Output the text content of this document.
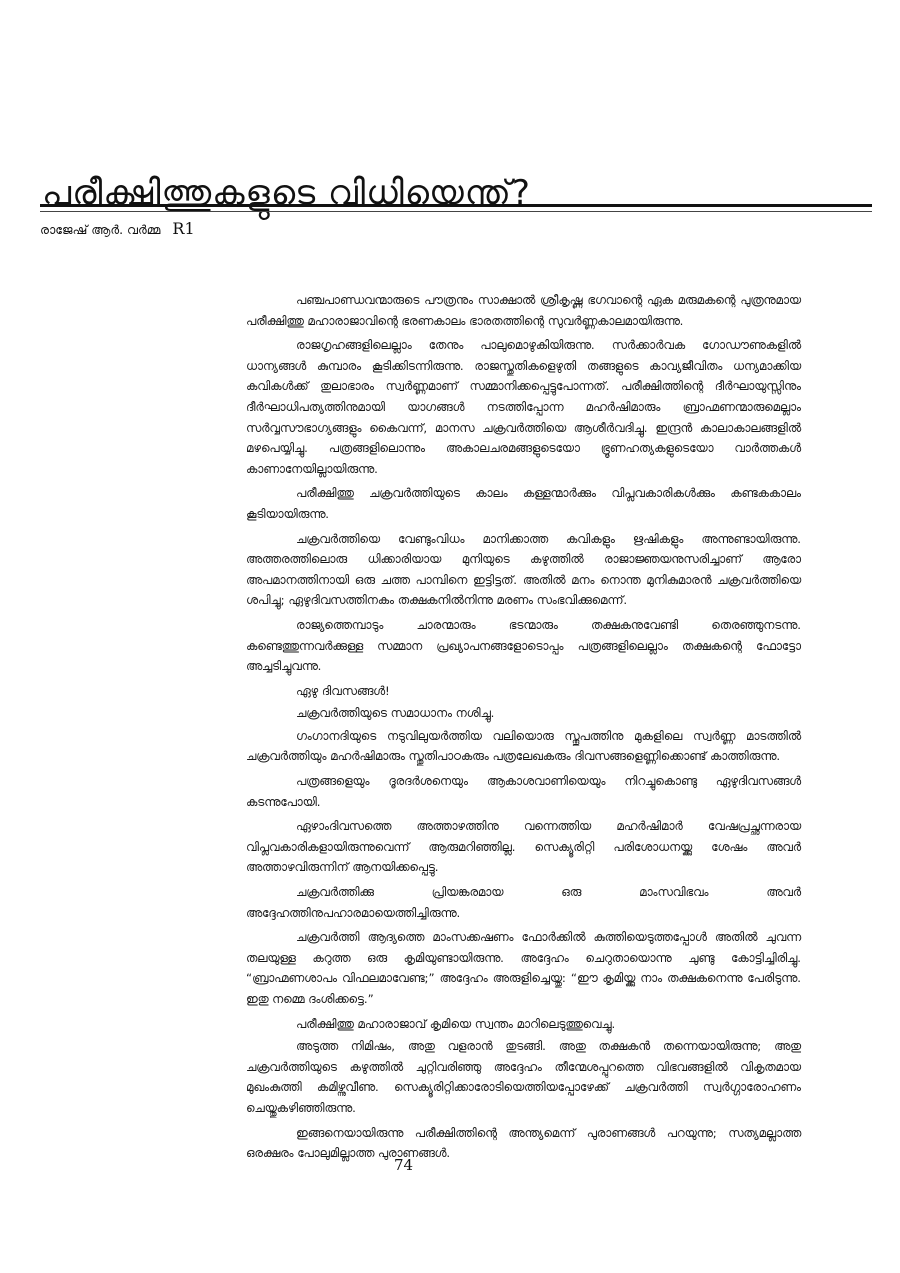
പരീക്ഷിത്തുകളുടെ വിധിയെന്ത്?
രാജേഷ് ആർ. വർമ്മ R1

പഞ്ചപാണ്ഡവന്മാരുടെ പൗത്രനും സാക്ഷാൽ ശ്രീകൃഷ്ണ ഭഗവാന്റെ ഏക മരുമകന്റെ പുത്രനുമായ പരീക്ഷിത്തു മഹാരാജാവിന്റെ ഭരണകാലം ഭാരതത്തിന്റെ സുവർണ്ണകാലമായിരുന്നു.

രാജഗൃഹങ്ങളിലെല്ലാം തേനും പാലുമൊഴുകിയിരുന്നു. സർക്കാർവക ഗോഡൗണുകളിൽ ധാന്യങ്ങൾ കുമ്പാരം കൂടിക്കിടന്നിരുന്നു. രാജസ്തുതികളെഴുതി തങ്ങളുടെ കാവ്യജീവിതം ധന്യമാക്കിയ കവികൾക്ക് തുലാഭാരം സ്വർണ്ണമാണ് സമ്മാനിക്കപ്പെട്ടുപോന്നത്. പരീക്ഷിത്തിന്റെ ദീർഘായുസ്സിനും ദീർഘാധിപത്യത്തിനുമായി യാഗങ്ങൾ നടത്തിപ്പോന്ന മഹർഷിമാരും ബ്രാഹ്മണന്മാരുമെല്ലാം സർവ്വസൗഭാഗ്യങ്ങളും കൈവന്ന്, മാനസ ചക്രവർത്തിയെ ആശീർവദിച്ചു. ഇന്ദ്രൻ കാലാകാലങ്ങളിൽ മഴപെയ്യിച്ചു. പത്രങ്ങളിലൊന്നും അകാലചരമങ്ങളുടെയോ ഭ്രൂണഹത്യകളുടെയോ വാർത്തകൾ കാണാനേയില്ലായിരുന്നു.

പരീക്ഷിത്തു ചക്രവർത്തിയുടെ കാലം കള്ളന്മാർക്കും വിപ്ലവകാരികൾക്കും കണ്ടകകാലം കൂടിയായിരുന്നു.

ചക്രവർത്തിയെ വേണ്ടുംവിധം മാനിക്കാത്ത കവികളും ഋഷികളും അന്നുണ്ടായിരുന്നു. അത്തരത്തിലൊരു ധിക്കാരിയായ മുനിയുടെ കഴുത്തിൽ രാജാജ്ഞയനുസരിച്ചാണ് ആരോ അപമാനത്തിനായി ഒരു ചത്ത പാമ്പിനെ ഇട്ടിട്ടത്. അതിൽ മനം നൊന്ത മുനികുമാരൻ ചക്രവർത്തിയെ ശപിച്ചു; ഏഴുദിവസത്തിനകം തക്ഷകനിൽനിന്നു മരണം സംഭവിക്കുമെന്ന്.

രാജ്യത്തെമ്പാടും ചാരന്മാരും ഭടന്മാരും തക്ഷകനുവേണ്ടി തെരഞ്ഞുനടന്നു. കണ്ടെത്തുന്നവർക്കുള്ള സമ്മാന പ്രഖ്യാപനങ്ങളോടൊപ്പം പത്രങ്ങളിലെല്ലാം തക്ഷകന്റെ ഫോട്ടോ അച്ചടിച്ചുവന്നു.

ഏഴു ദിവസങ്ങൾ!

ചക്രവർത്തിയുടെ സമാധാനം നശിച്ചു.

ഗംഗാനദിയുടെ നടുവിലുയർത്തിയ വലിയൊരു സ്തൂപത്തിനു മുകളിലെ സ്വർണ്ണ മാടത്തിൽ ചക്രവർത്തിയും മഹർഷിമാരും സ്തുതിപാഠകരും പത്രലേഖകരും ദിവസങ്ങളെണ്ണിക്കൊണ്ട് കാത്തിരുന്നു.

പത്രങ്ങളെയും ദൂരദർശനെയും ആകാശവാണിയെയും നിറച്ചുകൊണ്ടു ഏഴുദിവസങ്ങൾ കടന്നുപോയി.

ഏഴാംദിവസത്തെ അത്താഴത്തിനു വന്നെത്തിയ മഹർഷിമാർ വേഷപ്രച്ഛന്നരായ വിപ്ലവകാരികളായിരുന്നുവെന്ന് ആരുമറിഞ്ഞില്ല. സെക്യൂരിറ്റി പരിശോധനയ്ക്കു ശേഷം അവർ അത്താഴവിരുന്നിന് ആനയിക്കപ്പെട്ടു.

ചക്രവർത്തിക്കു പ്രിയങ്കരമായ ഒരു മാംസവിഭവം അവർ അദ്ദേഹത്തിനുപഹാരമായെത്തിച്ചിരുന്നു.

ചക്രവർത്തി ആദ്യത്തെ മാംസക്കഷണം ഫോർക്കിൽ കുത്തിയെടുത്തപ്പോൾ അതിൽ ചുവന്ന തലയുള്ള കറുത്ത ഒരു കൃമിയുണ്ടായിരുന്നു. അദ്ദേഹം ചെറുതായൊന്നു ചുണ്ടു കോട്ടിച്ചിരിച്ചു. “ബ്രാഹ്മണശാപം വിഫലമാവേണ്ട;” അദ്ദേഹം അരുളിച്ചെയ്തു: “ഈ കൃമിയ്ക്കു നാം തക്ഷകനെന്നു പേരിടുന്നു. ഇതു നമ്മെ ദംശിക്കട്ടെ.”

പരീക്ഷിത്തു മഹാരാജാവ് കൃമിയെ സ്വന്തം മാറിലെടുത്തുവെച്ചു.

അടുത്ത നിമിഷം, അതു വളരാൻ തുടങ്ങി. അതു തക്ഷകൻ തന്നെയായിരുന്നു; അതു ചക്രവർത്തിയുടെ കഴുത്തിൽ ചുറ്റിവരിഞ്ഞു അദ്ദേഹം തീന്മേശപ്പുറത്തെ വിഭവങ്ങളിൽ വികൃതമായ മുഖംകുത്തി കമിഴ്ന്നുവീണു. സെക്യൂരിറ്റിക്കാരോടിയെത്തിയപ്പോഴേക്ക് ചക്രവർത്തി സ്വർഗ്ഗാരോഹണം ചെയ്തുകഴിഞ്ഞിരുന്നു.

ഇങ്ങനെയായിരുന്നു പരീക്ഷിത്തിന്റെ അന്ത്യമെന്ന് പുരാണങ്ങൾ പറയുന്നു; സത്യമല്ലാത്ത ഒരക്ഷരം പോലുമില്ലാത്ത പുരാണങ്ങൾ.

74
